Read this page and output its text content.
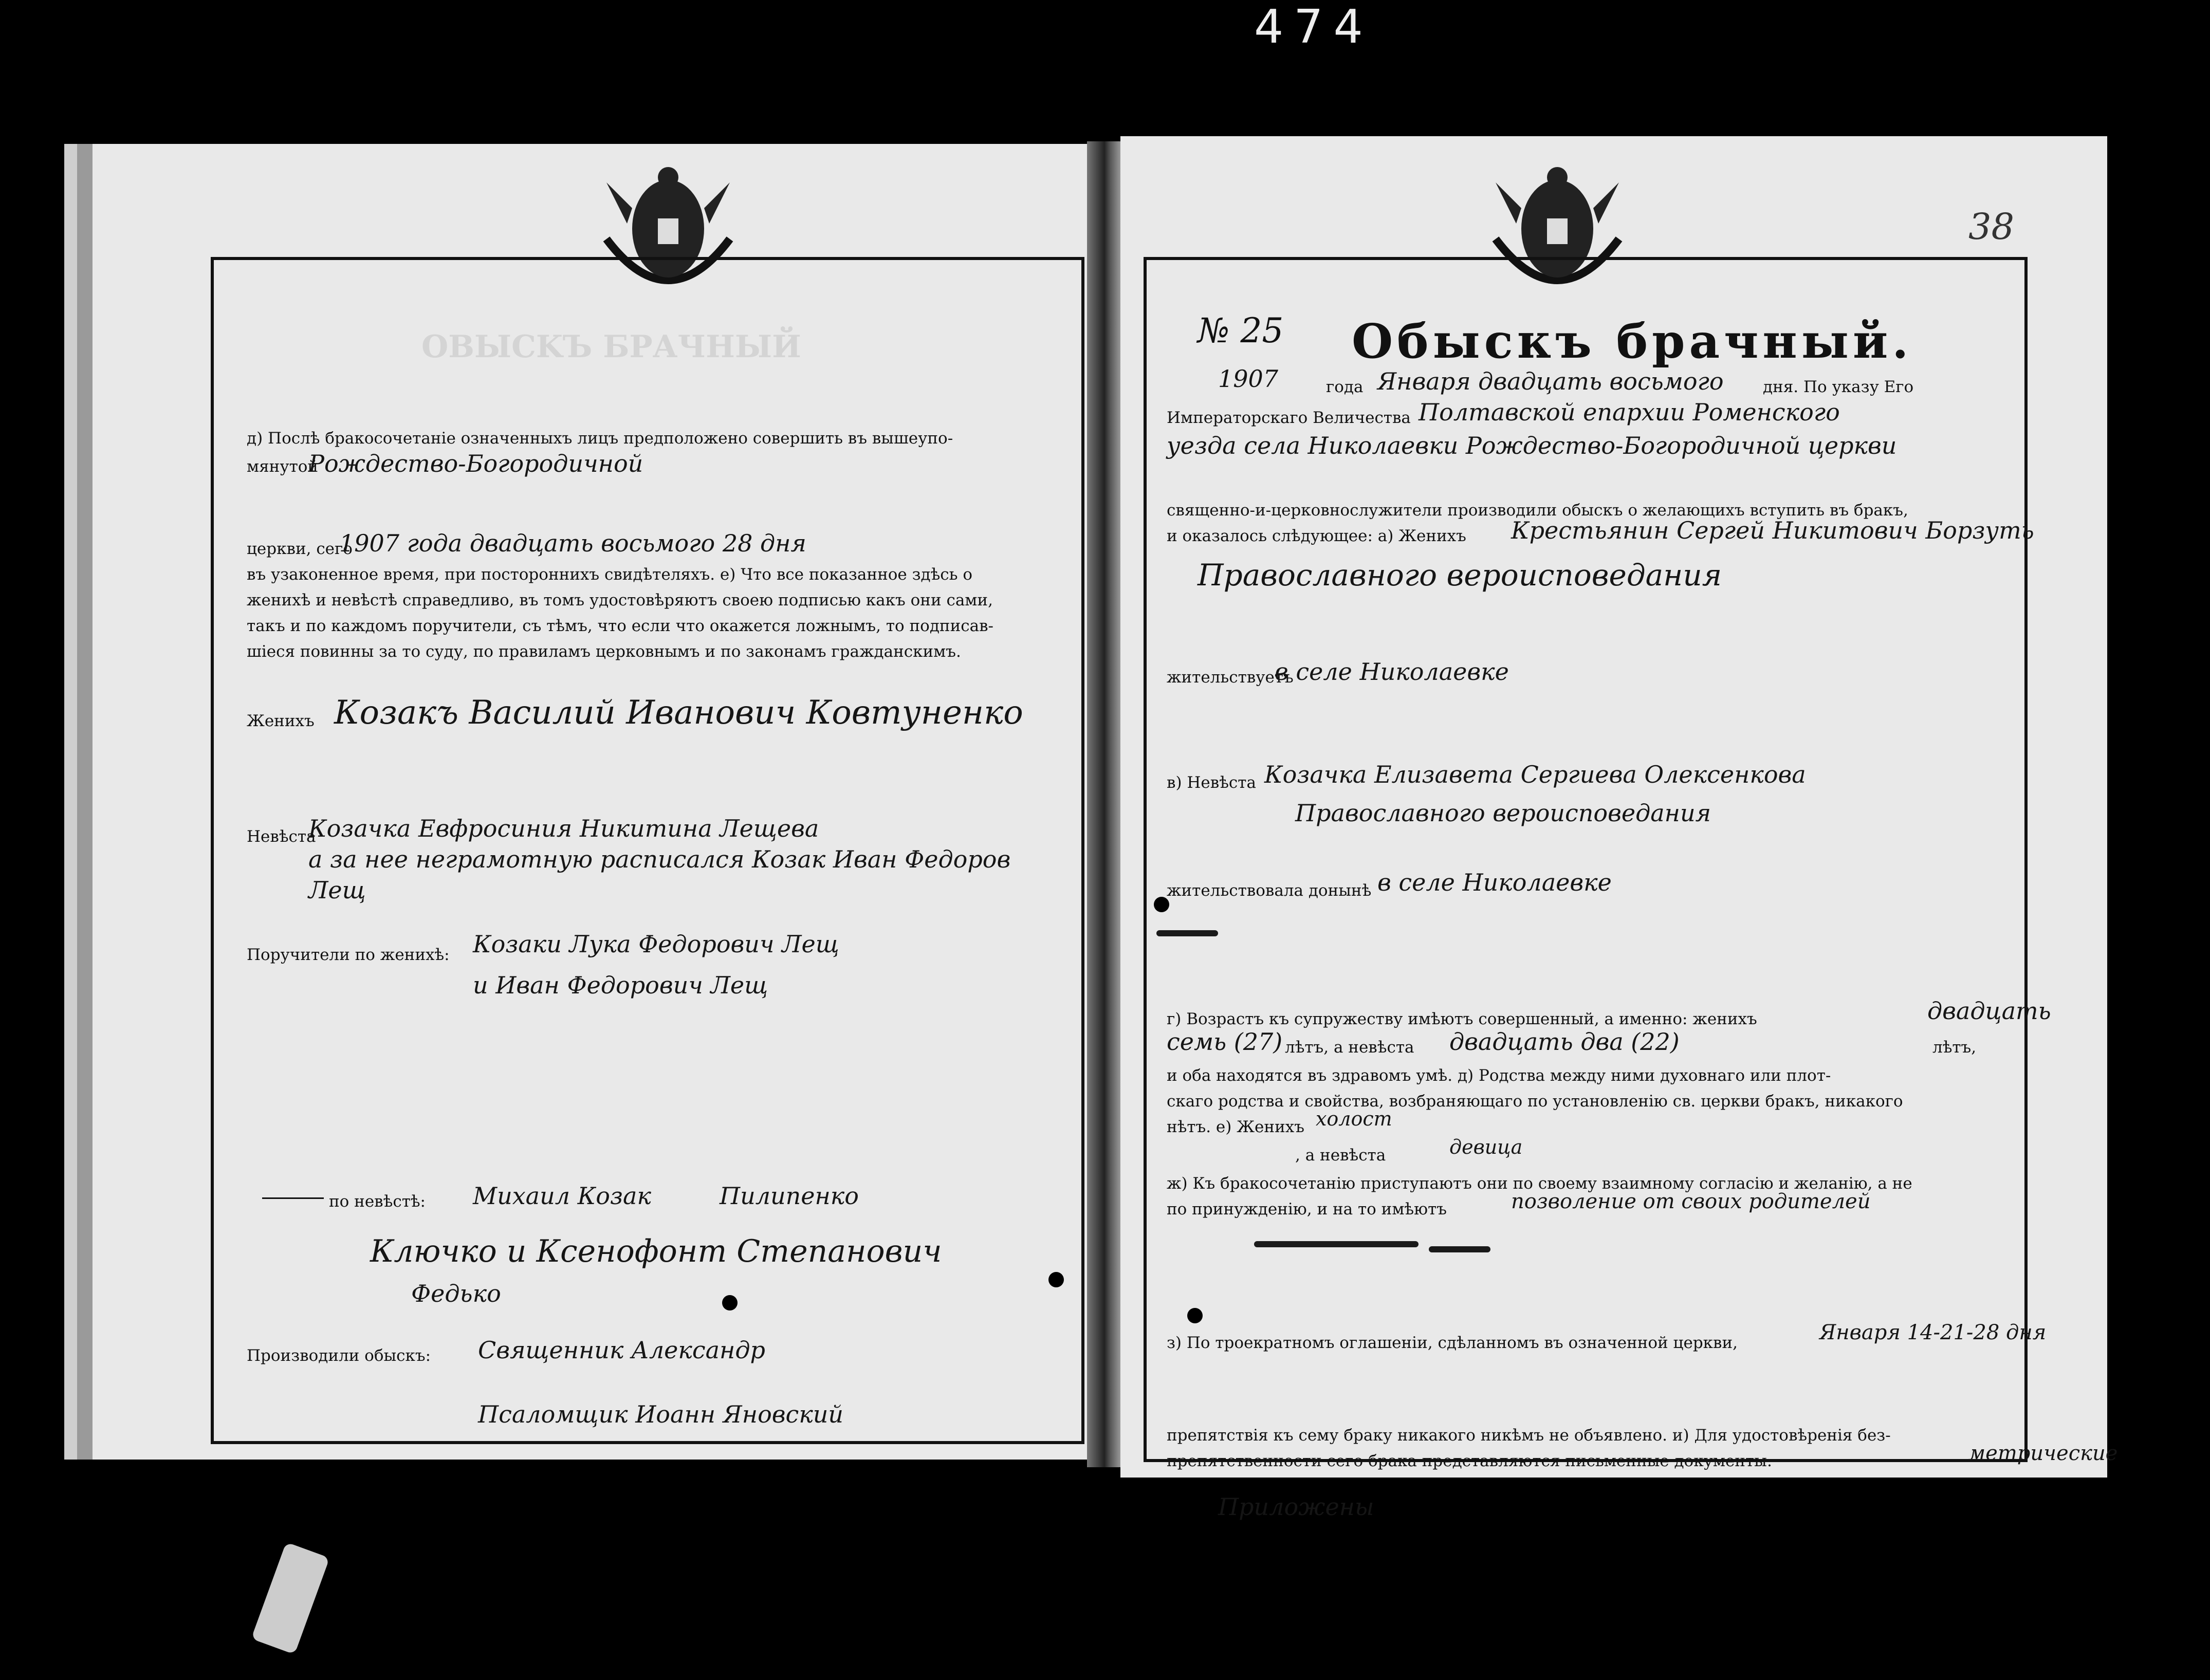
474
OBЫCKЪ БРАЧНЫЙ
д) Послѣ бракосочетаніе означенныхъ лицъ предположено совершить въ вышеупо-
мянутой
Рождество-Богородичной
церкви, сего
1907 года двадцать восьмого 28 дня
въ узаконенное время, при постороннихъ свидѣтеляхъ. е) Что все показанное здѣсь о
женихѣ и невѣстѣ справедливо, въ томъ удостовѣряютъ своею подписью какъ они сами,
такъ и по каждомъ поручители, съ тѣмъ, что если что окажется ложнымъ, то подписав-
шіеся повинны за то суду, по правиламъ церковнымъ и по законамъ гражданскимъ.
Женихъ Козакъ Василий Иванович Ковтуненко
Невѣста
Козачка Евфросиния Никитина Лещева
а за нее неграмотную расписался Козак Иван Федоров
Лещ
Поручители по женихѣ: Козаки Лука Федорович Лещ
и Иван Федорович Лещ
по невѣстѣ: Михаил Козак	Пилипенко
Ключко и Ксенофонт Степанович
Федько
Производили обыскъ: Священник Александр
Псаломщик Иоанн Яновский
38
№ 25 Обыскъ брачный.
1907	года Января двадцать восьмого дня. По указу Его
Императорскаго Величества Полтавской епархии Роменского
уезда села Николаевки Рождество-Богородичной церкви
священно-и-церковнослужители производили обыскъ о желающихъ вступить въ бракъ,
и оказалось слѣдующее: а) Женихъ Крестьянин Сергей Никитович Борзуть
Православного вероисповедания
жительствуетъ
в селе Николаевке
в) Невѣста Козачка Елизавета Сергиева Олексенкова
Православного вероисповедания
жительствовала донынѣ в селе Николаевке
г) Возрастъ къ супружеству имѣютъ совершенный, а именно: женихъ	двадцать
семь (27) лѣтъ, а невѣста двадцать два (22)	лѣтъ,
и оба находятся въ здравомъ умѣ. д) Родства между ними духовнаго или плот-
скаго родства и свойства, возбраняющаго по установленію св. церкви бракъ, никакого
нѣтъ. е) Женихъ холост
, а невѣста	девица
ж) Къ бракосочетанію приступаютъ они по своему взаимному согласію и желанію, а не
по принужденію, и на то имѣютъ	позволение от своих родителей
з) По троекратномъ оглашеніи, сдѣланномъ въ означенной церкви,	Января 14-21-28 дня
препятствія къ сему браку никакого никѣмъ не объявлено. и) Для удостовѣренія без-
препятственности сего брака представляются письменные документы:	метрические
Приложены
